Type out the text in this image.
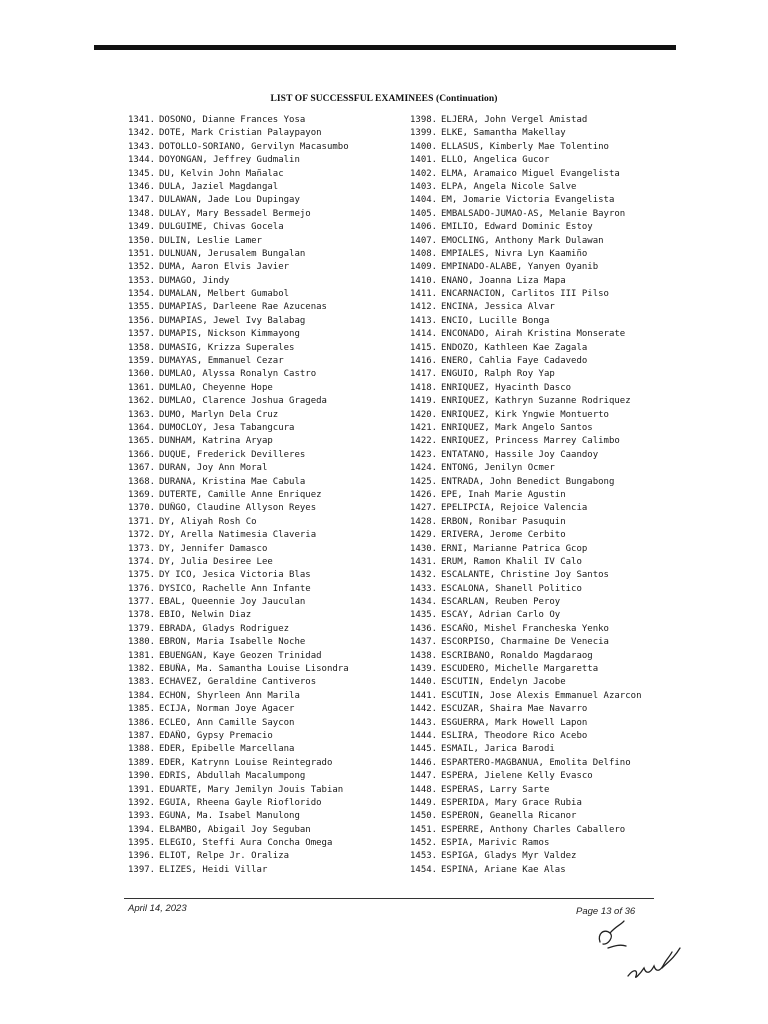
LIST OF SUCCESSFUL EXAMINEES (Continuation)
1341. DOSONO, Dianne Frances Yosa
1342. DOTE, Mark Cristian Palaypayon
1343. DOTOLLO-SORIANO, Gervilyn Macasumbo
1344. DOYONGAN, Jeffrey Gudmalin
1345. DU, Kelvin John Mañalac
1346. DULA, Jaziel Magdangal
1347. DULAWAN, Jade Lou Dupingay
1348. DULAY, Mary Bessadel Bermejo
1349. DULGUIME, Chivas Gocela
1350. DULIN, Leslie Lamer
1351. DULNUAN, Jerusalem Bungalan
1352. DUMA, Aaron Elvis Javier
1353. DUMAGO, Jindy
1354. DUMALAN, Melbert Gumabol
1355. DUMAPIAS, Darleene Rae Azucenas
1356. DUMAPIAS, Jewel Ivy Balabag
1357. DUMAPIS, Nickson Kimmayong
1358. DUMASIG, Krizza Superales
1359. DUMAYAS, Emmanuel Cezar
1360. DUMLAO, Alyssa Ronalyn Castro
1361. DUMLAO, Cheyenne Hope
1362. DUMLAO, Clarence Joshua Grageda
1363. DUMO, Marlyn Dela Cruz
1364. DUMOCLOY, Jesa Tabangcura
1365. DUNHAM, Katrina Aryap
1366. DUQUE, Frederick Devilleres
1367. DURAN, Joy Ann Moral
1368. DURANA, Kristina Mae Cabula
1369. DUTERTE, Camille Anne Enriquez
1370. DUÑGO, Claudine Allyson Reyes
1371. DY, Aliyah Rosh Co
1372. DY, Arella Natimesia Claveria
1373. DY, Jennifer Damasco
1374. DY, Julia Desiree Lee
1375. DY ICO, Jesica Victoria Blas
1376. DYSICO, Rachelle Ann Infante
1377. EBAL, Queennie Joy Jauculan
1378. EBIO, Nelwin Diaz
1379. EBRADA, Gladys Rodriguez
1380. EBRON, Maria Isabelle Noche
1381. EBUENGAN, Kaye Geozen Trinidad
1382. EBUÑA, Ma. Samantha Louise Lisondra
1383. ECHAVEZ, Geraldine Cantiveros
1384. ECHON, Shyrleen Ann Marila
1385. ECIJA, Norman Joye Agacer
1386. ECLEO, Ann Camille Saycon
1387. EDAÑO, Gypsy Premacio
1388. EDER, Epibelle Marcellana
1389. EDER, Katrynn Louise Reintegrado
1390. EDRIS, Abdullah Macalumpong
1391. EDUARTE, Mary Jemilyn Jouis Tabian
1392. EGUIA, Rheena Gayle Rioflorido
1393. EGUNA, Ma. Isabel Manulong
1394. ELBAMBO, Abigail Joy Seguban
1395. ELEGIO, Steffi Aura Concha Omega
1396. ELIOT, Relpe Jr. Oraliza
1397. ELIZES, Heidi Villar
1398. ELJERA, John Vergel Amistad
1399. ELKE, Samantha Makellay
1400. ELLASUS, Kimberly Mae Tolentino
1401. ELLO, Angelica Gucor
1402. ELMA, Aramaico Miguel Evangelista
1403. ELPA, Angela Nicole Salve
1404. EM, Jomarie Victoria Evangelista
1405. EMBALSADO-JUMAO-AS, Melanie Bayron
1406. EMILIO, Edward Dominic Estoy
1407. EMOCLING, Anthony Mark Dulawan
1408. EMPIALES, Nivra Lyn Kaamiño
1409. EMPINADO-ALABE, Yanyen Oyanib
1410. ENANO, Joanna Liza Mapa
1411. ENCARNACION, Carlitos III Pilso
1412. ENCINA, Jessica Alvar
1413. ENCIO, Lucille Bonga
1414. ENCONADO, Airah Kristina Monserate
1415. ENDOZO, Kathleen Kae Zagala
1416. ENERO, Cahlia Faye Cadavedo
1417. ENGUIO, Ralph Roy Yap
1418. ENRIQUEZ, Hyacinth Dasco
1419. ENRIQUEZ, Kathryn Suzanne Rodriquez
1420. ENRIQUEZ, Kirk Yngwie Montuerto
1421. ENRIQUEZ, Mark Angelo Santos
1422. ENRIQUEZ, Princess Marrey Calimbo
1423. ENTATANO, Hassile Joy Caandoy
1424. ENTONG, Jenilyn Ocmer
1425. ENTRADA, John Benedict Bungabong
1426. EPE, Inah Marie Agustin
1427. EPELIPCIA, Rejoice Valencia
1428. ERBON, Ronibar Pasuquin
1429. ERIVERA, Jerome Cerbito
1430. ERNI, Marianne Patrica Gcop
1431. ERUM, Ramon Khalil IV Calo
1432. ESCALANTE, Christine Joy Santos
1433. ESCALONA, Shanell Politico
1434. ESCARLAN, Reuben Peroy
1435. ESCAY, Adrian Carlo Oy
1436. ESCAÑO, Mishel Francheska Yenko
1437. ESCORPISO, Charmaine De Venecia
1438. ESCRIBANO, Ronaldo Magdaraog
1439. ESCUDERO, Michelle Margaretta
1440. ESCUTIN, Endelyn Jacobe
1441. ESCUTIN, Jose Alexis Emmanuel Azarcon
1442. ESCUZAR, Shaira Mae Navarro
1443. ESGUERRA, Mark Howell Lapon
1444. ESLIRA, Theodore Rico Acebo
1445. ESMAIL, Jarica Barodi
1446. ESPARTERO-MAGBANUA, Emolita Delfino
1447. ESPERA, Jielene Kelly Evasco
1448. ESPERAS, Larry Sarte
1449. ESPERIDA, Mary Grace Rubia
1450. ESPERON, Geanella Ricanor
1451. ESPERRE, Anthony Charles Caballero
1452. ESPIA, Marivic Ramos
1453. ESPIGA, Gladys Myr Valdez
1454. ESPINA, Ariane Kae Alas
April 14, 2023	Page 13 of 36
